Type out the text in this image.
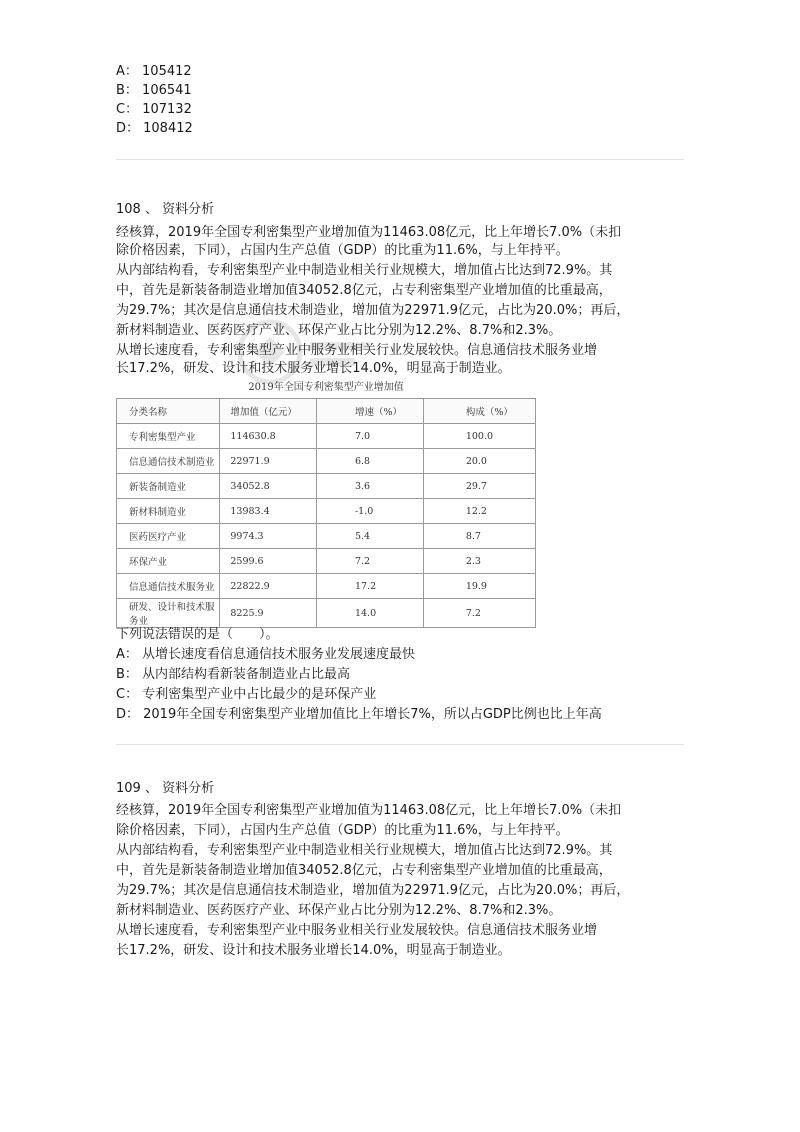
A： 105412
B： 106541
C： 107132
D： 108412
108 、 资料分析
经核算，2019年全国专利密集型产业增加值为11463.08亿元，比上年增长7.0%（未扣
除价格因素，下同），占国内生产总值（GDP）的比重为11.6%，与上年持平。
从内部结构看，专利密集型产业中制造业相关行业规模大，增加值占比达到72.9%。其
中，首先是新装备制造业增加值34052.8亿元，占专利密集型产业增加值的比重最高，
为29.7%；其次是信息通信技术制造业，增加值为22971.9亿元，占比为20.0%；再后，
新材料制造业、医药医疗产业、环保产业占比分别为12.2%、8.7%和2.3%。
从增长速度看，专利密集型产业中服务业相关行业发展较快。信息通信技术服务业增
长17.2%，研发、设计和技术服务业增长14.0%，明显高于制造业。
2019年全国专利密集型产业增加值
分类名称	增加值（亿元）	增速（%）	构成（%）
专利密集型产业	114630.8	7.0	100.0
信息通信技术制造业	22971.9	6.8	20.0
新装备制造业	34052.8	3.6	29.7
新材料制造业	13983.4	-1.0	12.2
医药医疗产业	9974.3	5.4	8.7
环保产业	2599.6	7.2	2.3
信息通信技术服务业	22822.9	17.2	19.9
研发、设计和技术服务业	8225.9	14.0	7.2
下列说法错误的是（　　）。
A： 从增长速度看信息通信技术服务业发展速度最快
B： 从内部结构看新装备制造业占比最高
C： 专利密集型产业中占比最少的是环保产业
D： 2019年全国专利密集型产业增加值比上年增长7%，所以占GDP比例也比上年高
109 、 资料分析
经核算，2019年全国专利密集型产业增加值为11463.08亿元，比上年增长7.0%（未扣
除价格因素，下同），占国内生产总值（GDP）的比重为11.6%，与上年持平。
从内部结构看，专利密集型产业中制造业相关行业规模大，增加值占比达到72.9%。其
中，首先是新装备制造业增加值34052.8亿元，占专利密集型产业增加值的比重最高，
为29.7%；其次是信息通信技术制造业，增加值为22971.9亿元，占比为20.0%；再后，
新材料制造业、医药医疗产业、环保产业占比分别为12.2%、8.7%和2.3%。
从增长速度看，专利密集型产业中服务业相关行业发展较快。信息通信技术服务业增
长17.2%，研发、设计和技术服务业增长14.0%，明显高于制造业。
